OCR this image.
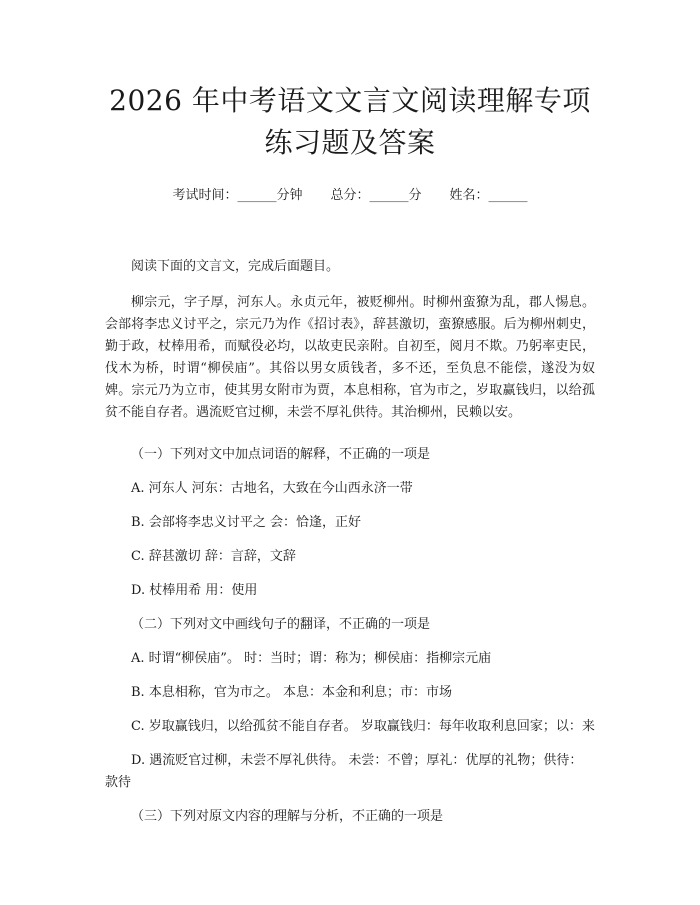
2026 年中考语文文言文阅读理解专项练习题及答案
考试时间：______分钟 总分：______分 姓名：______

阅读下面的文言文，完成后面题目。

柳宗元，字子厚，河东人。永贞元年，被贬柳州。时柳州蛮獠为乱，郡人惕息。会部将李忠义讨平之，宗元乃为作《招讨表》，辞甚激切，蛮獠感服。后为柳州刺史，勤于政，杖棒用希，而赋役必均，以故吏民亲附。自初至，阅月不欺。乃躬率吏民，伐木为桥，时谓“柳侯庙”。其俗以男女质钱者，多不还，至负息不能偿，遂没为奴婢。宗元乃为立市，使其男女附市为贾，本息相称，官为市之，岁取赢钱归，以给孤贫不能自存者。遇流贬官过柳，未尝不厚礼供待。其治柳州，民赖以安。

（一）下列对文中加点词语的解释，不正确的一项是

A. 河东人 河东：古地名，大致在今山西永济一带

B. 会部将李忠义讨平之 会：恰逢，正好

C. 辞甚激切 辞：言辞，文辞

D. 杖棒用希 用：使用

（二）下列对文中画线句子的翻译，不正确的一项是

A. 时谓“柳侯庙”。 时：当时；谓：称为；柳侯庙：指柳宗元庙

B. 本息相称，官为市之。 本息：本金和利息；市：市场

C. 岁取赢钱归，以给孤贫不能自存者。 岁取赢钱归：每年收取利息回家；以：来

D. 遇流贬官过柳，未尝不厚礼供待。 未尝：不曾；厚礼：优厚的礼物；供待：款待

（三）下列对原文内容的理解与分析，不正确的一项是
